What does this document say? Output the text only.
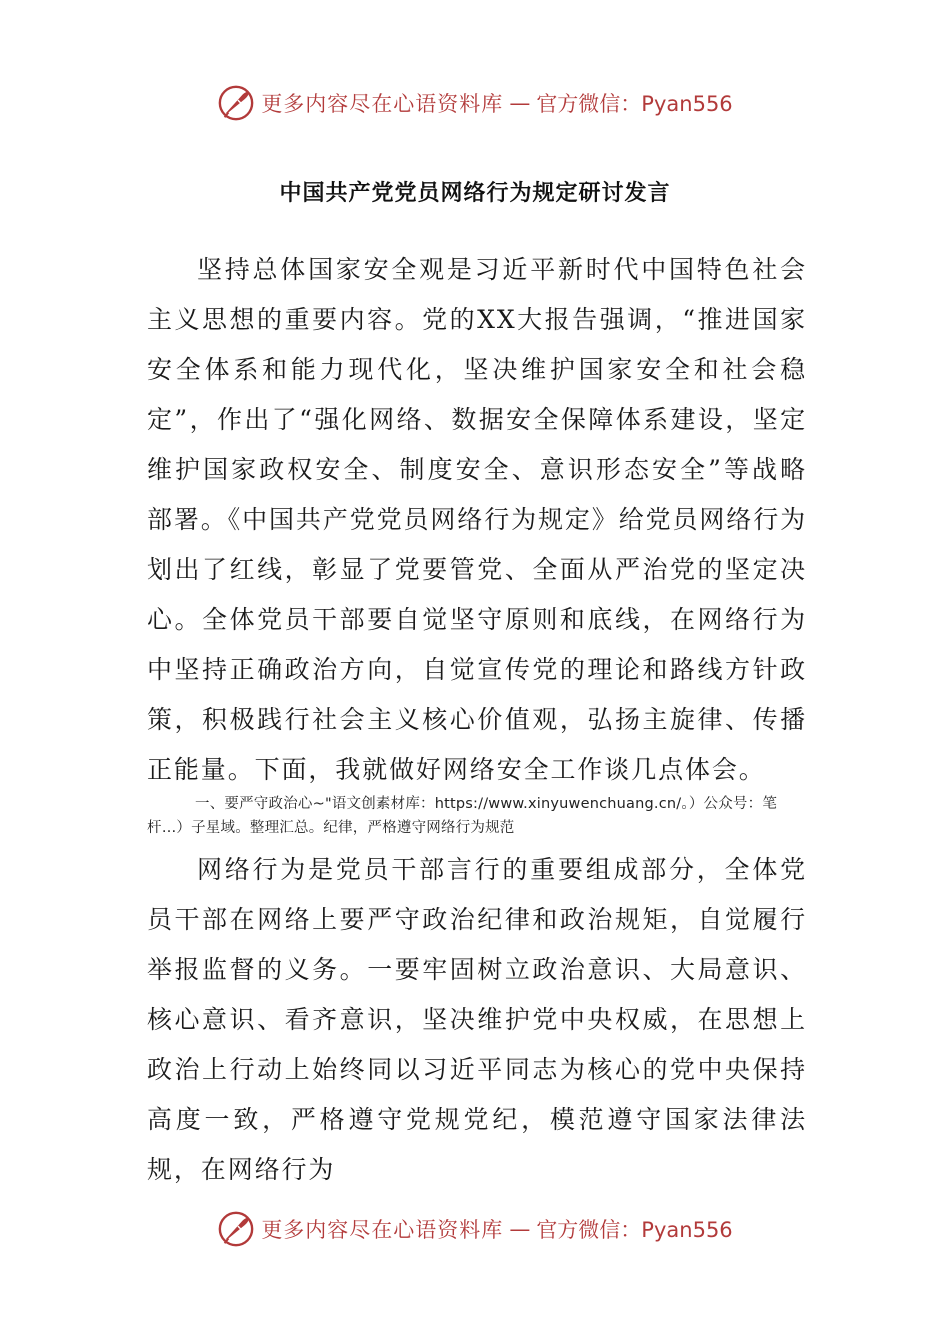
更多内容尽在心语资料库 — 官方微信：Pyan556
中国共产党党员网络行为规定研讨发言

坚持总体国家安全观是习近平新时代中国特色社会主义思想的重要内容。党的XX大报告强调，“推进国家安全体系和能力现代化，坚决维护国家安全和社会稳定”，作出了“强化网络、数据安全保障体系建设，坚定维护国家政权安全、制度安全、意识形态安全”等战略部署。《中国共产党党员网络行为规定》给党员网络行为划出了红线，彰显了党要管党、全面从严治党的坚定决心。全体党员干部要自觉坚守原则和底线，在网络行为中坚持正确政治方向，自觉宣传党的理论和路线方针政策，积极践行社会主义核心价值观，弘扬主旋律、传播正能量。下面，我就做好网络安全工作谈几点体会。

一、要严守政治心~"语文创素材库：https://www.xinyuwenchuang.cn/。）公众号：笔杆…）子星域。整理汇总。纪律，严格遵守网络行为规范

网络行为是党员干部言行的重要组成部分，全体党员干部在网络上要严守政治纪律和政治规矩，自觉履行举报监督的义务。一要牢固树立政治意识、大局意识、核心意识、看齐意识，坚决维护党中央权威，在思想上政治上行动上始终同以习近平同志为核心的党中央保持高度一致，严格遵守党规党纪，模范遵守国家法律法规，在网络行为

更多内容尽在心语资料库 — 官方微信：Pyan556
